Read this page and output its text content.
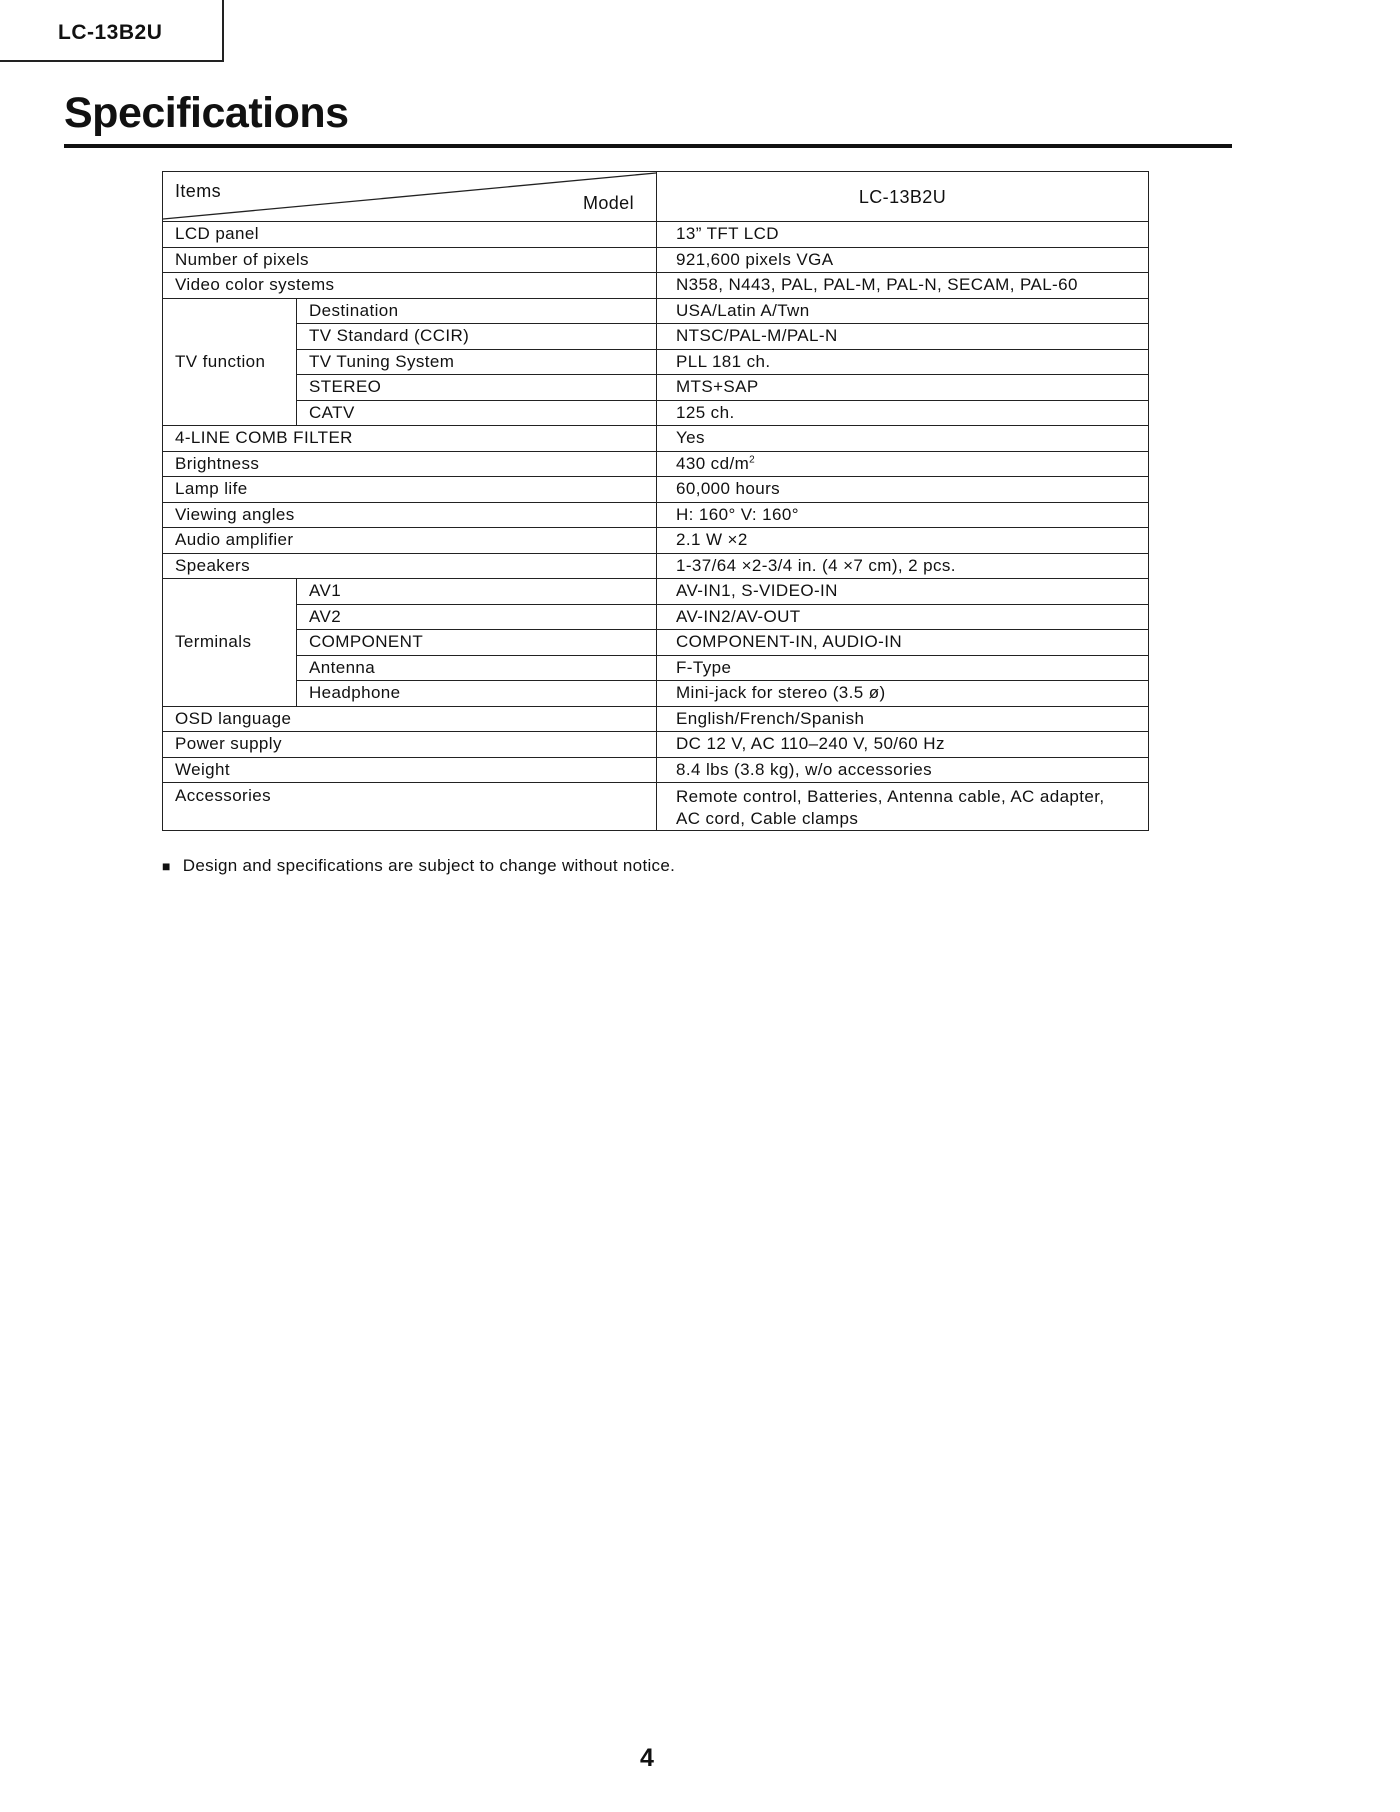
LC-13B2U
Specifications
Items
Model		LC-13B2U
LCD panel		13” TFT LCD
Number of pixels		921,600 pixels VGA
Video color systems		N358, N443, PAL, PAL-M, PAL-N, SECAM, PAL-60
TV function	Destination	USA/Latin A/Twn
	TV Standard (CCIR)	NTSC/PAL-M/PAL-N
	TV Tuning System	PLL 181 ch.
	STEREO	MTS+SAP
	CATV	125 ch.
4-LINE COMB FILTER		Yes
Brightness		430 $cd/m^2$
Lamp life		60,000 hours
Viewing angles		H: 160° V: 160°
Audio amplifier		2.1 W ×2
Speakers		1-37/64 ×2-3/4 in. (4 ×7 cm), 2 pcs.
Terminals	AV1	AV-IN1, S-VIDEO-IN
	AV2	AV-IN2/AV-OUT
	COMPONENT	COMPONENT-IN, AUDIO-IN
	Antenna	F-Type
	Headphone	Mini-jack for stereo (3.5 ø)
OSD language		English/French/Spanish
Power supply		DC 12 V, AC 110–240 V, 50/60 Hz
Weight		8.4 lbs (3.8 kg), w/o accessories
Accessories		Remote control, Batteries, Antenna cable, AC adapter,
AC cord, Cable clamps
■ Design and specifications are subject to change without notice.
4
